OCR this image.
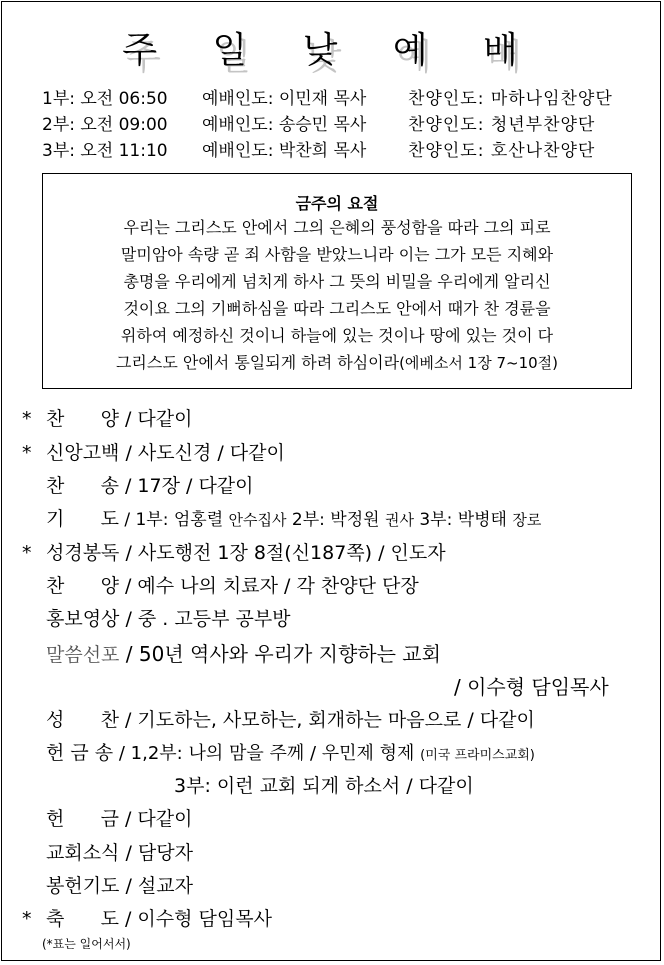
주 일 낮 예 배
1부: 오전 06:50 예배인도: 이민재 목사 찬양인도: 마하나임찬양단
2부: 오전 09:00 예배인도: 송승민 목사 찬양인도: 청년부찬양단
3부: 오전 11:10 예배인도: 박찬희 목사 찬양인도: 호산나찬양단
금주의 요절
우리는 그리스도 안에서 그의 은혜의 풍성함을 따라 그의 피로
말미암아 속량 곧 죄 사함을 받았느니라 이는 그가 모든 지혜와
총명을 우리에게 넘치게 하사 그 뜻의 비밀을 우리에게 알리신
것이요 그의 기뻐하심을 따라 그리스도 안에서 때가 찬 경륜을
위하여 예정하신 것이니 하늘에 있는 것이나 땅에 있는 것이 다
그리스도 안에서 통일되게 하려 하심이라(에베소서 1장 7~10절)
* 찬      양 / 다같이
* 신앙고백 / 사도신경 / 다같이
찬      송 / 17장 / 다같이
기      도 / 1부: 엄홍렬 안수집사 2부: 박정원 권사 3부: 박병태 장로
* 성경봉독 / 사도행전 1장 8절(신187쪽) / 인도자
찬      양 / 예수 나의 치료자 / 각 찬양단 단장
홍보영상 / 중 . 고등부 공부방
말씀선포 / 50년 역사와 우리가 지향하는 교회
/ 이수형 담임목사
성      찬 / 기도하는, 사모하는, 회개하는 마음으로 / 다같이
헌 금 송 / 1,2부: 나의 맘을 주께 / 우민제 형제 (미국 프라미스교회)
3부: 이런 교회 되게 하소서 / 다같이
헌      금 / 다같이
교회소식 / 담당자
봉헌기도 / 설교자
* 축      도 / 이수형 담임목사
(*표는 일어서서)
